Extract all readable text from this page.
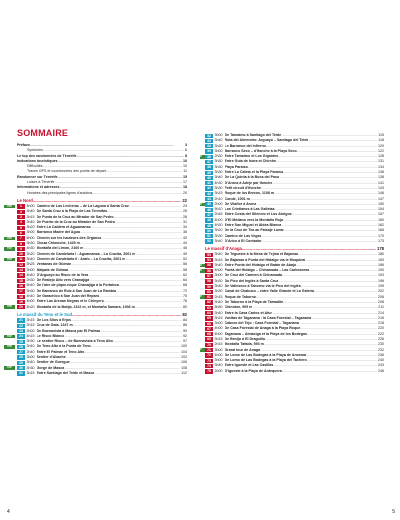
SOMMAIRE
Préface .....	3
Symboles .....	6
Le top des randonnées de Ténérife .....	8
Indications touristiques .....	10
Difficultés .....	10
Traces GPS et coordonnées des points de départ .....	11
Randonner sur Ténérife .....	15
Loisirs à Ténérife .....	17
Informations et adresses .....	18
Horaires des principales lignes d'autobus .....	20
Le Nord .....	22
TOP	1	4h00 Camino de Las Lecheras – de La Laguna à Santa Cruz .....	24
2	3h40 De Santa Cruz à la Playa de Las Teresitas .....	26
3	3h15 De Punta de la Cruz au Mirador de San Pedro .....	28
4	3h40 De Puerto de la Cruz au Mirador de San Pedro .....	31
5	3h20 Entre La Caldera et Aguamansa .....	34
6	3h00 Barranco Madre del Agua .....	36
TOP	7	6h00 Chemin sur les hauteurs des Órganos .....	40
8	3h30 Choza Chimoche, 1425 m .....	44
TOP	9	4h30 Montaña del Limón, 2100 m .....	46
10	3h20 Chemin de Candelaria I : Aguamansa – La Crucita, 2061 m .....	49
TOP	11	3h40 Chemin de Candelaria II : Arafo – La Crucita, 2061 m .....	52
12	5h25 Ventanas de Güímar .....	56
13	3h00 Malpaís de Güímar .....	58
14	4h40 D'Arguayo au Risco de la Vera .....	62
15	2h30 De Realejo Alto vers Chanajiga .....	64
16	5h40 De l'aire de pique-nique Chanajiga à la Fortaleza .....	68
17	3h30 De Barranco de Ruiz à San Juan de La Rambla .....	72
18	4h40 De Garachico à San Juan del Reparo .....	75
19	4h00 Entre Las Arenas Negras et le Chinyero .....	78
TOP	20	4h20 Montaña de la Botija, 2122 m, et Montaña Samara, 1936 m .....	80
Le massif du Teno et le Sud .....	82
21	3h15 De Los Silos à Erjos .....	84
22	2h15 Cruz de Gala, 1347 m .....	86
23	3h00 De Buenavista à Masca par El Palmar .....	90
TOP	24	4h15 Le Risco Blanco .....	92
25	3h30 Le sentier Risco – de Buenavista à Teno Alto .....	97
TOP	26	3h40 De Teno Alto à la Punta de Teno .....	100
27	3h40 Entre El Palmar et Teno Alto .....	104
28	3h00 Sentier d'Abache .....	102
29	3h40 Sentier de Guergue .....	106
TOP	30	3h30 Gorge de Masca .....	108
31	3h15 Entre Santiago del Teide et Masca .....	112
4
32	3h00 De Tamaimo à Santiago del Teide .....	115
33	3h40 Ruta del Almendro: Arguayo – Santiago del Teide .....	118
34	3h30 Le Barranco del Infierno .....	120
35	3h00 Barranco Seco – d'Ifonche à la Playa Seco .....	122
36	2h30 Entre Tamaimo et Los Gigantes .....	128
37	3h30 Entre Guía de Isora et Chirche .....	131
38	3h30 Playa Paraíso .....	134
39	3h30 Entre La Caleta et la Playa Paraíso .....	136
40	3h40 De La Quinta à la Boca del Paso .....	138
41	4h30 D'Arona à Adeje par Ifonche .....	141
42	3h30 Petit circuit d'Ifonche .....	143
43	3h15 Roque de los Brezos, 1108 m .....	146
44	2h10 Conde, 1001 m .....	147
45	2h00 De Vilaflor à Arona .....	150
46	5h10 Los Cristianos à Las Galletas .....	154
47	2h45 Entre Costa del Silencio et Los Abrigos .....	157
48	4h00 D'El Médano vers la Montaña Roja .....	160
49	4h30 Entre San Miguel et Aldea Blanca .....	162
50	3h20 De la Cruz de Tea au Paisaje Lunar .....	166
51	3h30 Camino de Las Vegas .....	170
52	3h40 D'Arico à El Contador .....	173
Le massif d'Anaga .....	178
53	3h40 De Tegueste à la Mesa de Tejina et Bajamar .....	180
54	3h15 De Bajamar à Punta del Hidalgo via le Moquinal .....	183
55	3h40 Entre Punta del Hidalgo et Batán de Abajo .....	186
56	4h00 Punta del Hidalgo – Chinamada – Las Carboneras .....	190
57	3h00 De Cruz del Carmen à Chinamada .....	193
58	3h30 Du Pico del Inglés à Santa Cruz .....	196
59	3h40 De Valleseco à Taborno via le Pico del Inglés .....	199
60	3h30 Canal de Chabuco – entre Valle Grande et La Galería .....	202
61	2h15 Roque de Taborno .....	206
62	3h40 De Taborno à la Playa de Tamadite .....	208
63	5h50 Chinobre, 909 m .....	211
64	3h40 Entre la Casa Carlos et Afur .....	214
65	3h15 Vueltas de Taganana : la Casa Forestal – Taganana .....	216
66	3h00 Cabezo del Tejo : Casa Forestal – Taganana .....	218
67	4h00 De Casa Forestal de Anaga à la Playa Roque .....	220
68	4h00 Taganana – Almáciga et la Playa de los Bodegas .....	222
69	3h15 De Benijo à El Draguillo .....	226
70	2h15 Montaña Tafada, 593 m .....	230
71	3h00 Grand tour de Anaga .....	232
72	4h00 De Lomo de Las Bodegas à la Playa de Anosma .....	236
73	3h00 De Lomo de Las Bodegas à la Playa del Tachero .....	240
74	3h40 Entre Igueste et Las Casillas .....	243
75	2h00 D'Igueste à la Playa de Antequera .....	246
5
